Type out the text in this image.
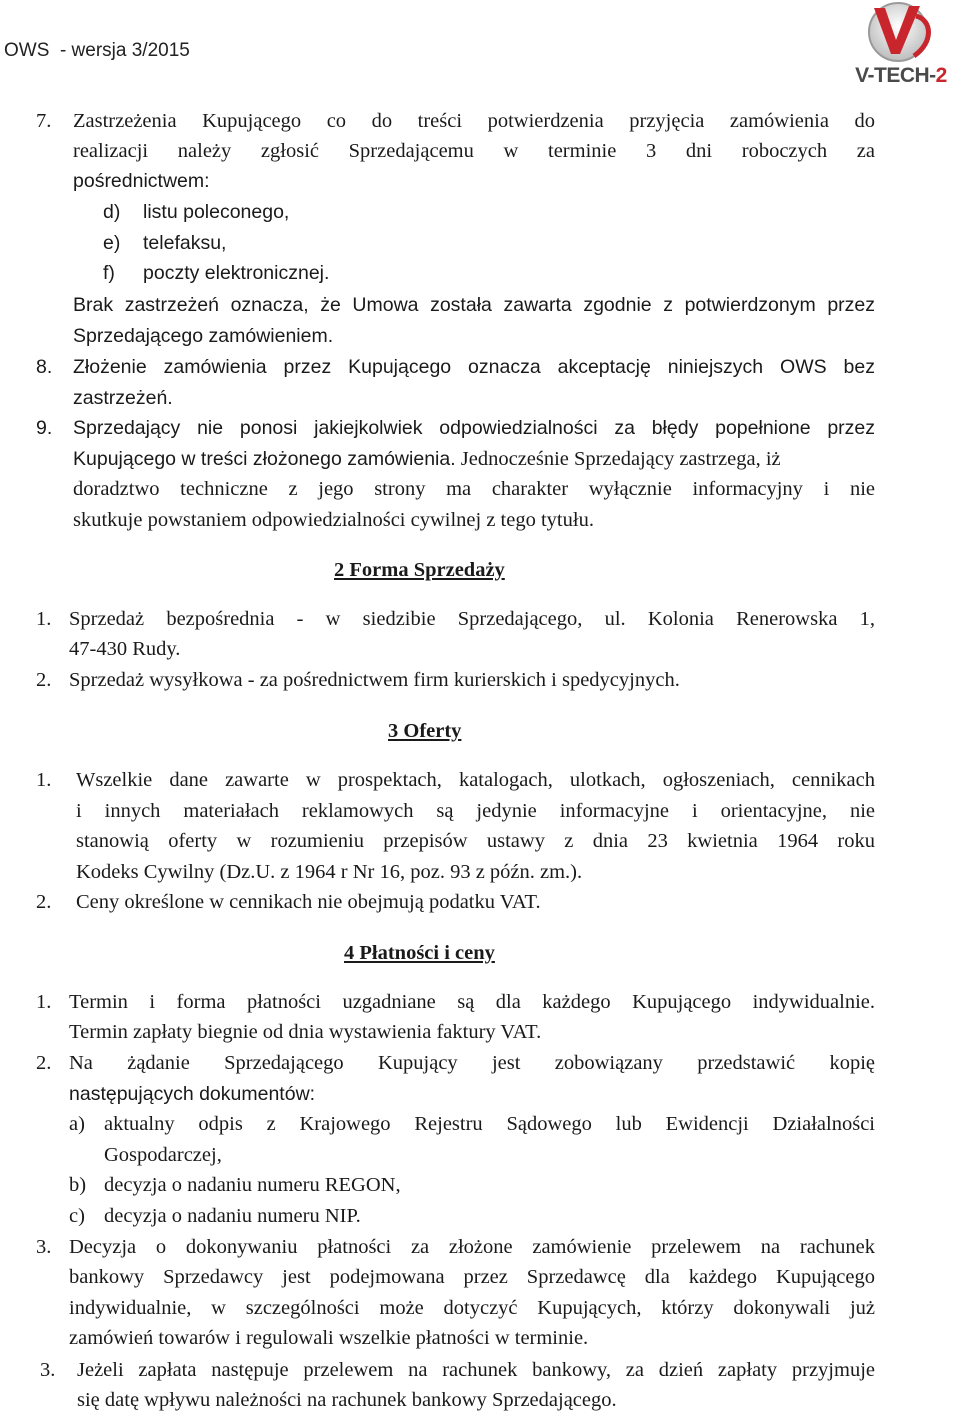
OWS  - wersja 3/2015
V-TECH-2
7. Zastrzeżenia Kupującego co do treści potwierdzenia przyjęcia zamówienia do
realizacji należy zgłosić Sprzedającemu w terminie 3 dni roboczych za
pośrednictwem:
d) listu poleconego,
e) telefaksu,
f) poczty elektronicznej.
Brak zastrzeżeń oznacza, że Umowa została zawarta zgodnie z potwierdzonym przez
Sprzedającego zamówieniem.
8. Złożenie zamówienia przez Kupującego oznacza akceptację niniejszych OWS bez
zastrzeżeń.
9. Sprzedający nie ponosi jakiejkolwiek odpowiedzialności za błędy popełnione przez
Kupującego w treści złożonego zamówienia. Jednocześnie Sprzedający zastrzega, iż
doradztwo techniczne z jego strony ma charakter wyłącznie informacyjny i nie
skutkuje powstaniem odpowiedzialności cywilnej z tego tytułu.
2 Forma Sprzedaży
1. Sprzedaż bezpośrednia - w siedzibie Sprzedającego, ul. Kolonia Renerowska 1,
47-430 Rudy.
2. Sprzedaż wysyłkowa - za pośrednictwem firm kurierskich i spedycyjnych.
3 Oferty
1. Wszelkie dane zawarte w prospektach, katalogach, ulotkach, ogłoszeniach, cennikach
i innych materiałach reklamowych są jedynie informacyjne i orientacyjne, nie
stanowią oferty w rozumieniu przepisów ustawy z dnia 23 kwietnia 1964 roku
Kodeks Cywilny (Dz.U. z 1964 r Nr 16, poz. 93 z późn. zm.).
2. Ceny określone w cennikach nie obejmują podatku VAT.
4 Płatności i ceny
1. Termin i forma płatności uzgadniane są dla każdego Kupującego indywidualnie.
Termin zapłaty biegnie od dnia wystawienia faktury VAT.
2. Na żądanie Sprzedającego Kupujący jest zobowiązany przedstawić kopię
następujących dokumentów:
a) aktualny odpis z Krajowego Rejestru Sądowego lub Ewidencji Działalności
Gospodarczej,
b) decyzja o nadaniu numeru REGON,
c) decyzja o nadaniu numeru NIP.
3. Decyzja o dokonywaniu płatności za złożone zamówienie przelewem na rachunek
bankowy Sprzedawcy jest podejmowana przez Sprzedawcę dla każdego Kupującego
indywidualnie, w szczególności może dotyczyć Kupujących, którzy dokonywali już
zamówień towarów i regulowali wszelkie płatności w terminie.
3. Jeżeli zapłata następuje przelewem na rachunek bankowy, za dzień zapłaty przyjmuje
się datę wpływu należności na rachunek bankowy Sprzedającego.
